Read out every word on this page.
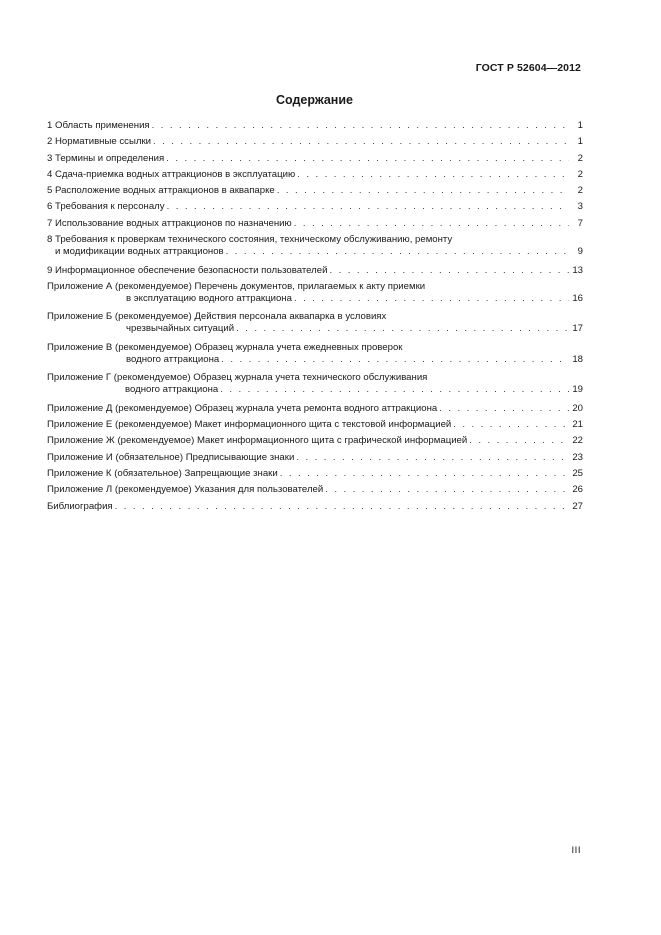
ГОСТ Р 52604—2012
Содержание
1 Область применения . . .	1
2 Нормативные ссылки . . .	1
3 Термины и определения . . .	2
4 Сдача-приемка водных аттракционов в эксплуатацию . . .	2
5 Расположение водных аттракционов в аквапарке . . .	2
6 Требования к персоналу . . .	3
7 Использование водных аттракционов по назначению . . .	7
8 Требования к проверкам технического состояния, техническому обслуживанию, ремонту
и модификации водных аттракционов . . .	9
9 Информационное обеспечение безопасности пользователей . . .	13
Приложение А (рекомендуемое) Перечень документов, прилагаемых к акту приемки
в эксплуатацию водного аттракциона . . .	16
Приложение Б (рекомендуемое) Действия персонала аквапарка в условиях
чрезвычайных ситуаций . . .	17
Приложение В (рекомендуемое) Образец журнала учета ежедневных проверок
водного аттракциона . . .	18
Приложение Г (рекомендуемое) Образец журнала учета технического обслуживания
водного аттракциона . . .	19
Приложение Д (рекомендуемое) Образец журнала учета ремонта водного аттракциона . . .	20
Приложение Е (рекомендуемое) Макет информационного щита с текстовой информацией . . .	21
Приложение Ж (рекомендуемое) Макет информационного щита с графической информацией . . .	22
Приложение И (обязательное) Предписывающие знаки . . .	23
Приложение К (обязательное) Запрещающие знаки . . .	25
Приложение Л (рекомендуемое) Указания для пользователей . . .	26
Библиография . . .	27
III
